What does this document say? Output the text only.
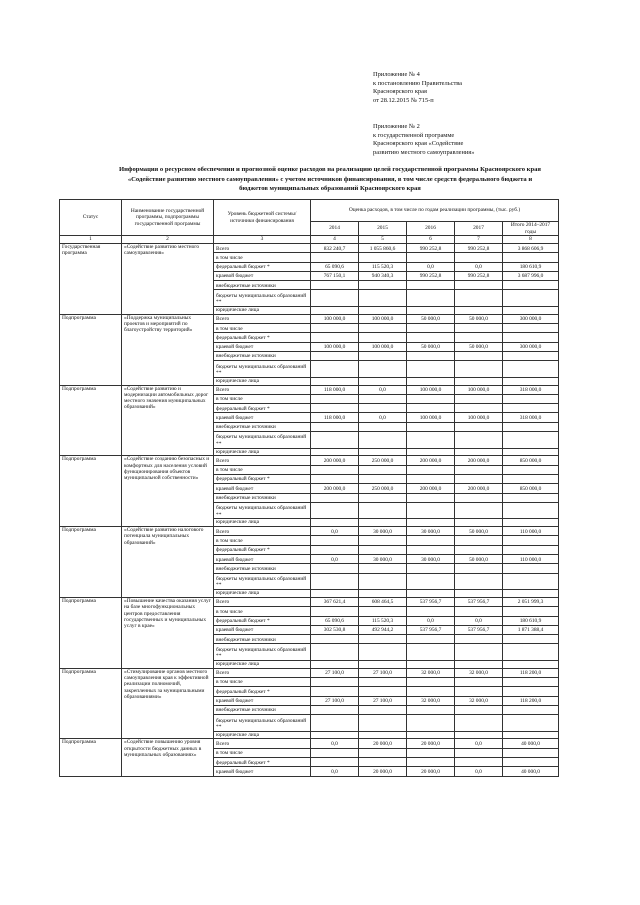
Приложение № 4
к постановлению Правительства
Красноярского края
от 28.12.2015 № 715-п
Приложение № 2
к государственной программе
Красноярского края «Содействие
развитию местного самоуправления»
Информация о ресурсном обеспечении и прогнозной оценке расходов на реализацию целей государственной программы Красноярского края
«Содействие развитию местного самоуправления» с учетом источников финансирования, в том числе средств федерального бюджета и
бюджетов муниципальных образований Красноярского края
Статус	Наименование государственной программы, подпрограммы государственной программы	Уровень бюджетной системы/источники финансирования	Оценка расходов, в том числе по годам реализации программы, (тыс. руб.)				
			2014	2015	2016	2017	Итого 2014–2017 годы
1	2	3	4	5	6	7	8
Государственная программа	«Содействие развитию местного самоуправления»	Всего	832 240,7	1 055 860,6	990 252,8	990 252,8	3 868 606,9
		в том числе					
		федеральный бюджет *	65 090,6	115 520,3	0,0	0,0	180 610,9
		краевой бюджет	767 150,1	940 340,3	990 252,8	990 252,8	3 687 996,0
		внебюджетные источники					
		бюджеты муниципальных образований **					
		юридические лица					
Подпрограмма	«Поддержка муниципальных проектов и мероприятий по благоустройству территорий»	Всего	100 000,0	100 000,0	50 000,0	50 000,0	300 000,0
		в том числе					
		федеральный бюджет *					
		краевой бюджет	100 000,0	100 000,0	50 000,0	50 000,0	300 000,0
		внебюджетные источники					
		бюджеты муниципальных образований **					
		юридические лица					
Подпрограмма	«Содействие развитию и модернизации автомобильных дорог местного значения муниципальных образований»	Всего	118 000,0	0,0	100 000,0	100 000,0	318 000,0
		в том числе					
		федеральный бюджет *					
		краевой бюджет	118 000,0	0,0	100 000,0	100 000,0	318 000,0
		внебюджетные источники					
		бюджеты муниципальных образований **					
		юридические лица					
Подпрограмма	«Содействие созданию безопасных и комфортных для населения условий функционирования объектов муниципальной собственности»	Всего	200 000,0	250 000,0	200 000,0	200 000,0	850 000,0
		в том числе					
		федеральный бюджет *					
		краевой бюджет	200 000,0	250 000,0	200 000,0	200 000,0	850 000,0
		внебюджетные источники					
		бюджеты муниципальных образований **					
		юридические лица					
Подпрограмма	«Содействие развитию налогового потенциала муниципальных образований»	Всего	0,0	30 000,0	30 000,0	50 000,0	110 000,0
		в том числе					
		федеральный бюджет *					
		краевой бюджет	0,0	30 000,0	30 000,0	50 000,0	110 000,0
		внебюджетные источники					
		бюджеты муниципальных образований **					
		юридические лица					
Подпрограмма	«Повышение качества оказания услуг на базе многофункциональных центров предоставления государственных и муниципальных услуг в крае»	Всего	367 621,4	608 464,5	537 956,7	537 956,7	2 051 999,3
		в том числе					
		федеральный бюджет *	65 090,6	115 520,3	0,0	0,0	180 610,9
		краевой бюджет	302 530,8	492 944,2	537 956,7	537 956,7	1 871 388,4
		внебюджетные источники					
		бюджеты муниципальных образований **					
		юридические лица					
Подпрограмма	«Стимулирование органов местного самоуправления края к эффективной реализации полномочий, закрепленных за муниципальными образованиями»	Всего	27 100,0	27 100,0	32 000,0	32 000,0	118 200,0
		в том числе					
		федеральный бюджет *					
		краевой бюджет	27 100,0	27 100,0	32 000,0	32 000,0	118 200,0
		внебюджетные источники					
		бюджеты муниципальных образований **					
		юридические лица					
Подпрограмма	«Содействие повышению уровня открытости бюджетных данных в муниципальных образованиях»	Всего	0,0	20 000,0	20 000,0	0,0	40 000,0
		в том числе					
		федеральный бюджет *					
		краевой бюджет	0,0	20 000,0	20 000,0	0,0	40 000,0
